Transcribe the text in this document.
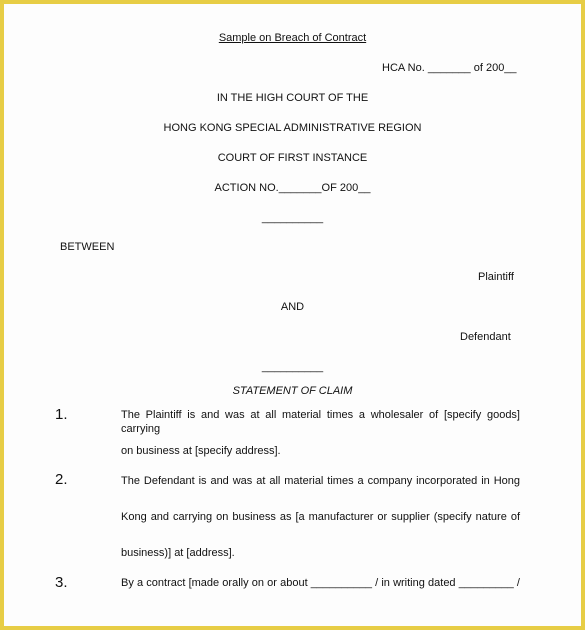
Sample on Breach of Contract
HCA No. _______ of 200__
IN THE HIGH COURT OF THE
HONG KONG SPECIAL ADMINISTRATIVE REGION
COURT OF FIRST INSTANCE
ACTION NO._______OF 200__
__________
BETWEEN
Plaintiff
AND
Defendant
__________
STATEMENT OF CLAIM
1.	The Plaintiff is and was at all material times a wholesaler of [specify goods] carrying
on business at [specify address].
2.	The Defendant is and was at all material times a company incorporated in Hong
Kong and carrying on business as [a manufacturer or supplier (specify nature of
business)] at [address].
3.	By a contract [made orally on or about __________ / in writing dated _________ /
